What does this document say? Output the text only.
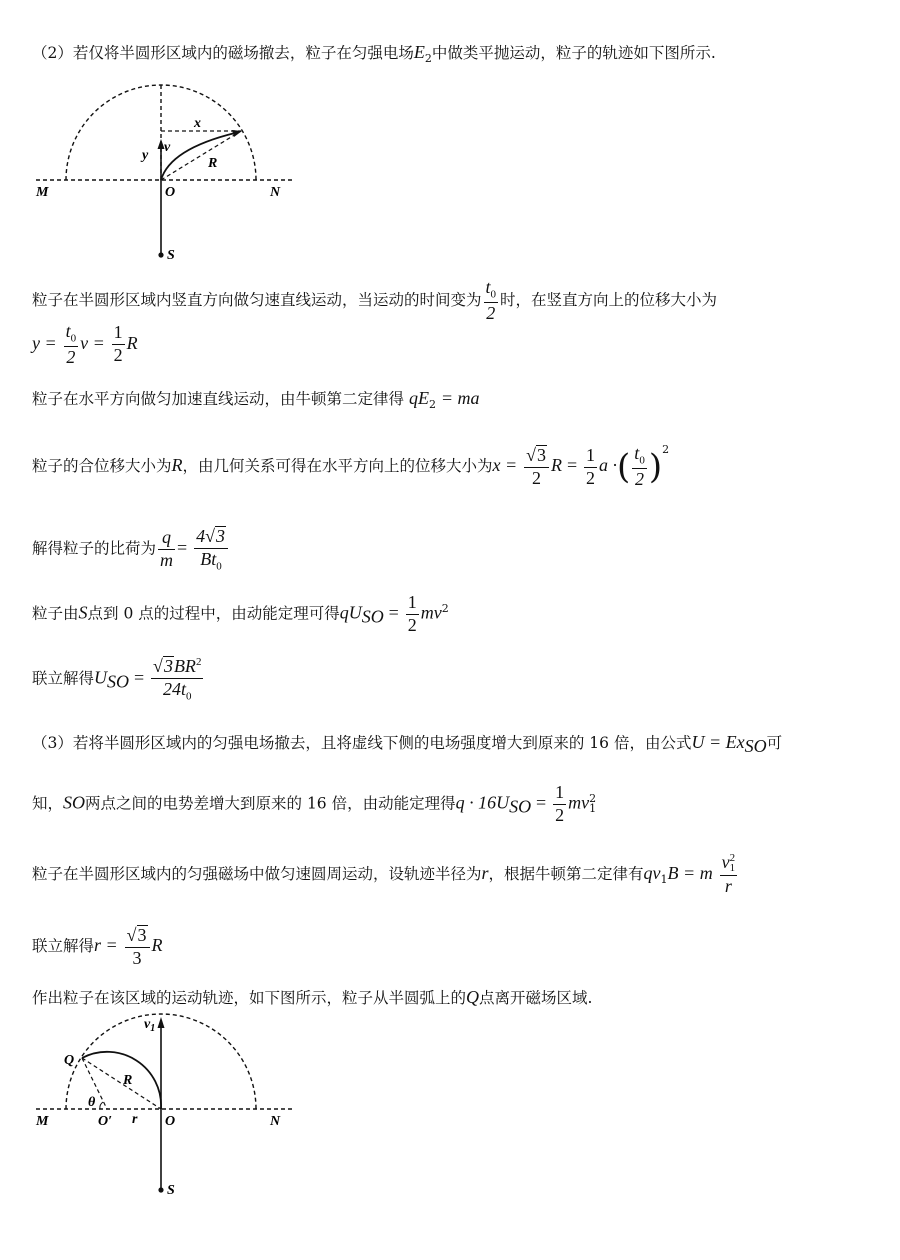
（2）若仅将半圆形区域内的磁场撤去，粒子在匀强电场$E_2$中做类平抛运动，粒子的轨迹如下图所示.
M	O	N
S
x
y
v
R
粒子在半圆形区域内竖直方向做匀速直线运动，当运动的时间变为 $\frac{t_0}{2}$ 时，在竖直方向上的位移大小为
$y = \frac{t_0}{2}$ $v = \frac{1}{2}$ R
粒子在水平方向做匀加速直线运动，由牛顿第二定律得 $qE_2$ = ma
粒子的合位移大小为R，由几何关系可得在水平方向上的位移大小为$x = \frac{√3}{2}$ $R = \frac{1}{2}$ a ·( $\frac{t_0}{2} )^2$
解得粒子的比荷为 $\frac{q}{m} = \frac{4√3}{Bt_0}$
粒子由S点到 0 点的过程中，由动能定理可得$qU_{SO} = \frac{1}{2} mv^2$
联立解得$U_{SO} = \frac{√3BR^2}{24t_0}$
（3）若将半圆形区域内的匀强电场撤去，且将虚线下侧的电场强度增大到原来的 16 倍，由公式$U = Ex_{SO}$可
知，SO两点之间的电势差增大到原来的 16 倍，由动能定理得$q \cdot 16U_{SO} = \frac{1}{2}$ mv 2
1
粒子在半圆形区域内的匀强磁场中做匀速圆周运动，设轨迹半径为r，根据牛顿第二定律有$qv_1B = m$ v 2
1
r
联立解得$r = \frac{√3}{3}$ R
作出粒子在该区域的运动轨迹，如下图所示，粒子从半圆弧上的Q点离开磁场区域.
Q
R
θ
M	O′ r O	N
S
$v_1$
